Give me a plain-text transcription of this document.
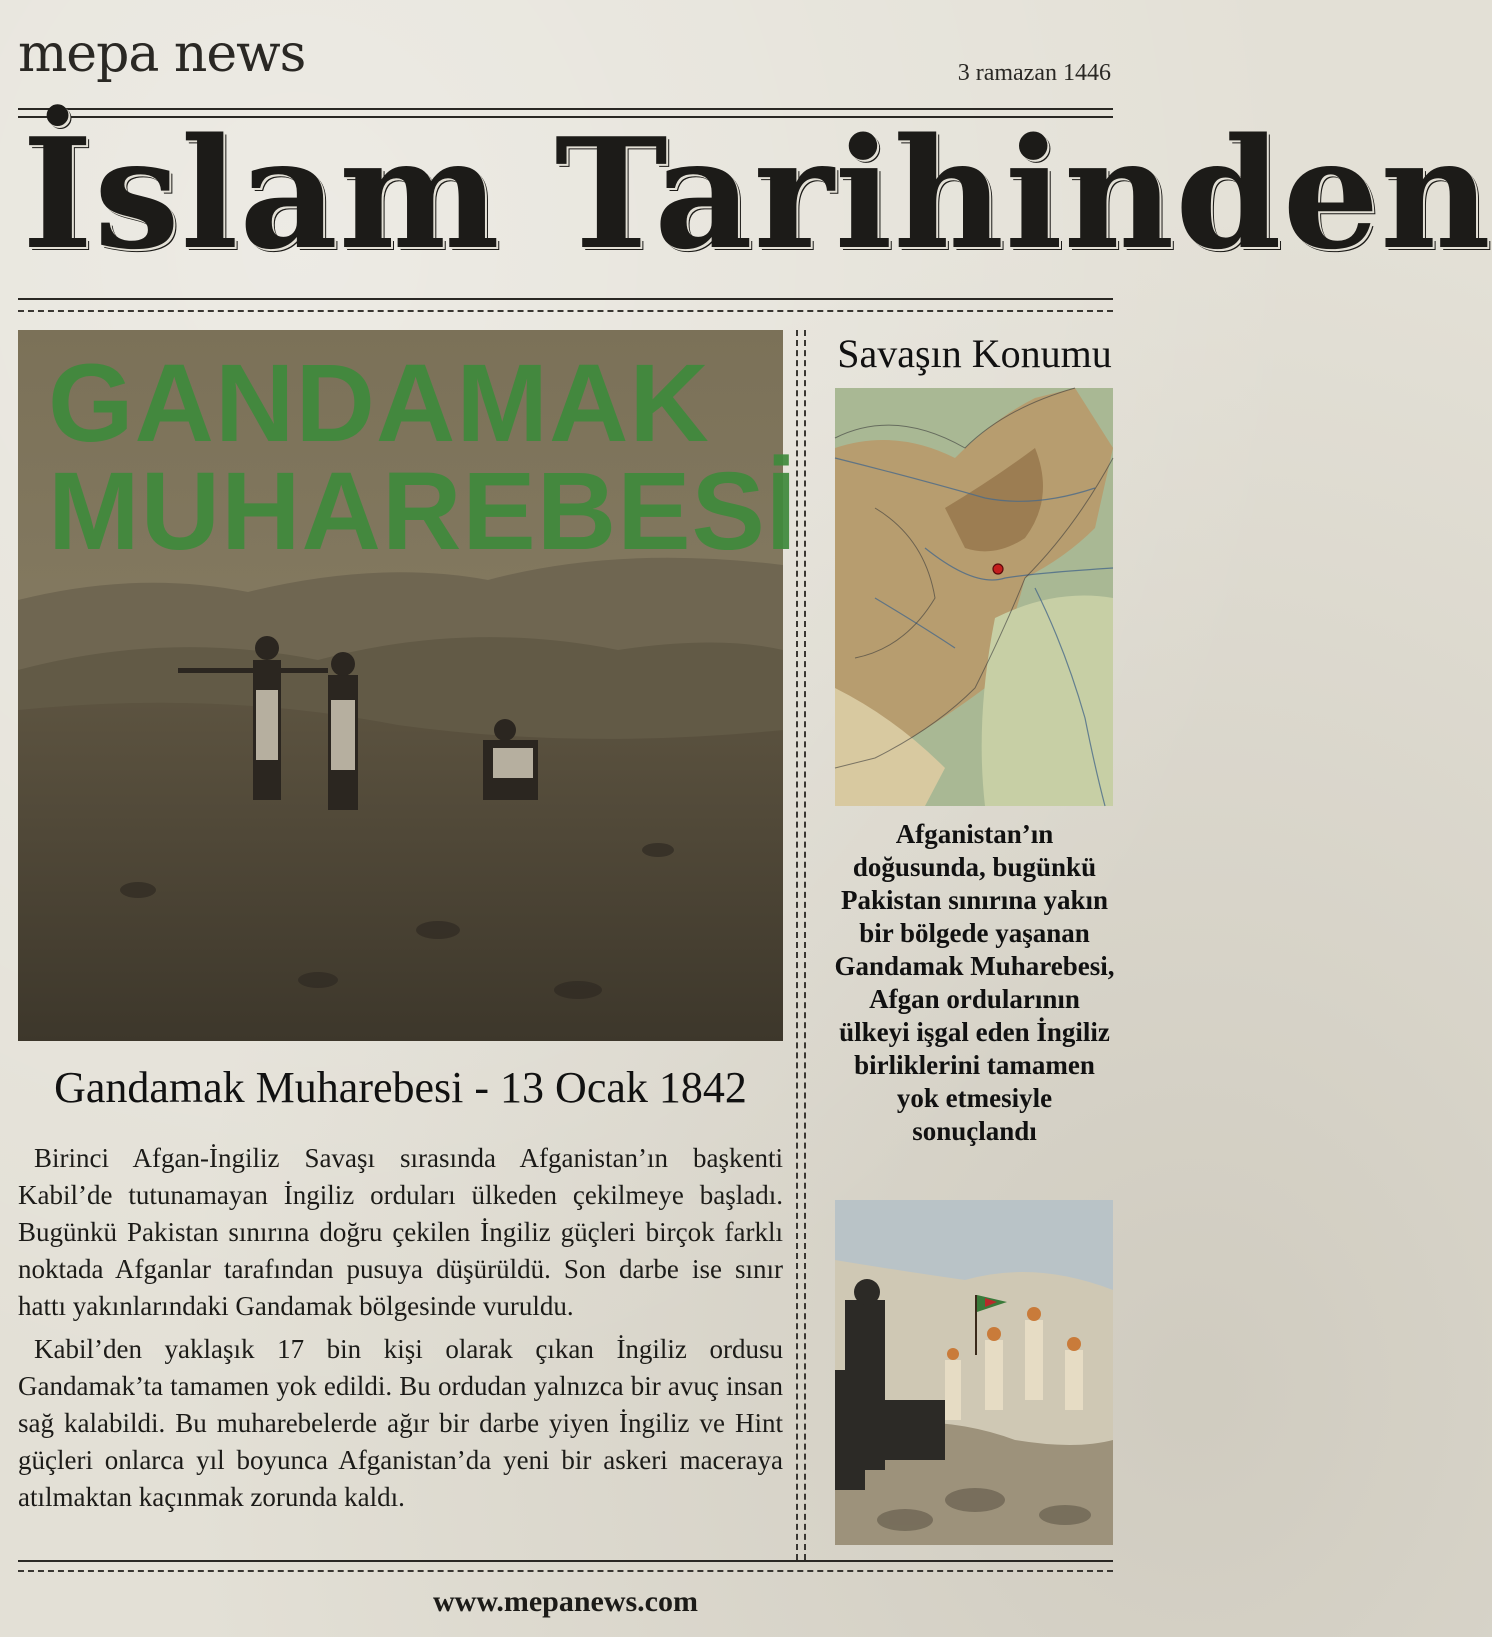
mepa news	3 ramazan 1446
İslam Tarihinden
GANDAMAK
MUHAREBESİ
Gandamak Muharebesi - 13 Ocak 1842

Birinci Afgan-İngiliz Savaşı sırasında Afganistan’ın başkenti Kabil’de tutunamayan İngiliz orduları ülkeden çekilmeye başladı. Bugünkü Pakistan sınırına doğru çekilen İngiliz güçleri birçok farklı noktada Afganlar tarafından pusuya düşürüldü. Son darbe ise sınır hattı yakınlarındaki Gandamak bölgesinde vuruldu.

Kabil’den yaklaşık 17 bin kişi olarak çıkan İngiliz ordusu Gandamak’ta tamamen yok edildi. Bu ordudan yalnızca bir avuç insan sağ kalabildi. Bu muharebelerde ağır bir darbe yiyen İngiliz ve Hint güçleri onlarca yıl boyunca Afganistan’da yeni bir askeri maceraya atılmaktan kaçınmak zorunda kaldı.

Savaşın Konumu
Afganistan’ın doğusunda, bugünkü Pakistan sınırına yakın bir bölgede yaşanan Gandamak Muharebesi, Afgan ordularının ülkeyi işgal eden İngiliz birliklerini tamamen yok etmesiyle sonuçlandı
www.mepanews.com
